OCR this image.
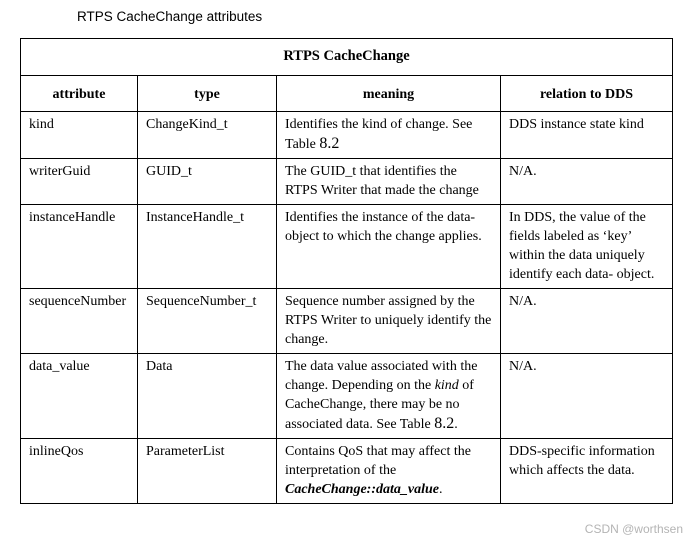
RTPS CacheChange attributes
RTPS CacheChange			
attribute	type	meaning	relation to DDS
kind	ChangeKind_t	Identifies the kind of change. See Table 8.2	DDS instance state kind
writerGuid	GUID_t	The GUID_t that identifies the RTPS Writer that made the change	N/A.
instanceHandle	InstanceHandle_t	Identifies the instance of the data-object to which the change applies.	In DDS, the value of the fields labeled as ‘key’ within the data uniquely identify each data- object.
sequenceNumber	SequenceNumber_t	Sequence number assigned by the RTPS Writer to uniquely identify the change.	N/A.
data_value	Data	The data value associated with the change. Depending on the kind of CacheChange, there may be no associated data. See Table 8.2.	N/A.
inlineQos	ParameterList	Contains QoS that may affect the interpretation of the CacheChange::data_value.	DDS-specific information which affects the data.
CSDN @worthsen
